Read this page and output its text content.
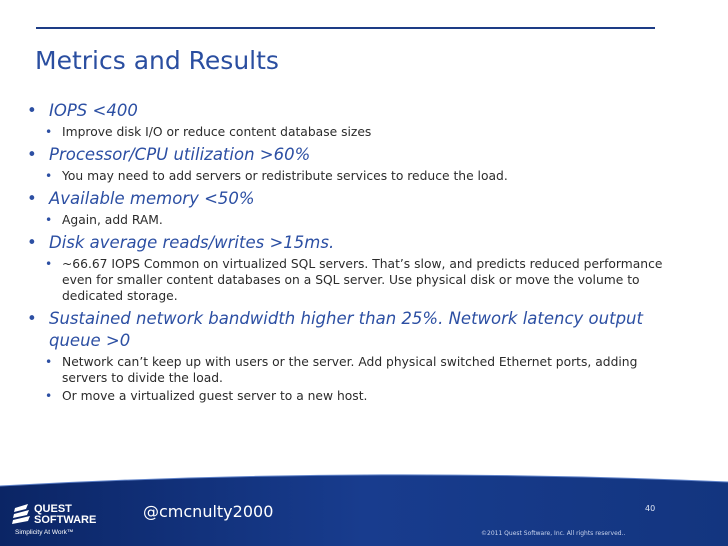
Metrics and Results
• IOPS <400
• Improve disk I/O or reduce content database sizes
• Processor/CPU utilization >60%
• You may need to add servers or redistribute services to reduce the load.
• Available memory <50%
• Again, add RAM.
• Disk average reads/writes >15ms.
• ~66.67 IOPS Common on virtualized SQL servers. That’s slow, and predicts reduced performance even for smaller content databases on a SQL server. Use physical disk or move the volume to dedicated storage.
• Sustained network bandwidth higher than 25%. Network latency output queue >0
• Network can’t keep up with users or the server. Add physical switched Ethernet ports, adding servers to divide the load.
• Or move a virtualized guest server to a new host.
QUEST
SOFTWARE
Simplicity At Work™
@cmcnulty2000	40
©2011 Quest Software, Inc. All rights reserved..
